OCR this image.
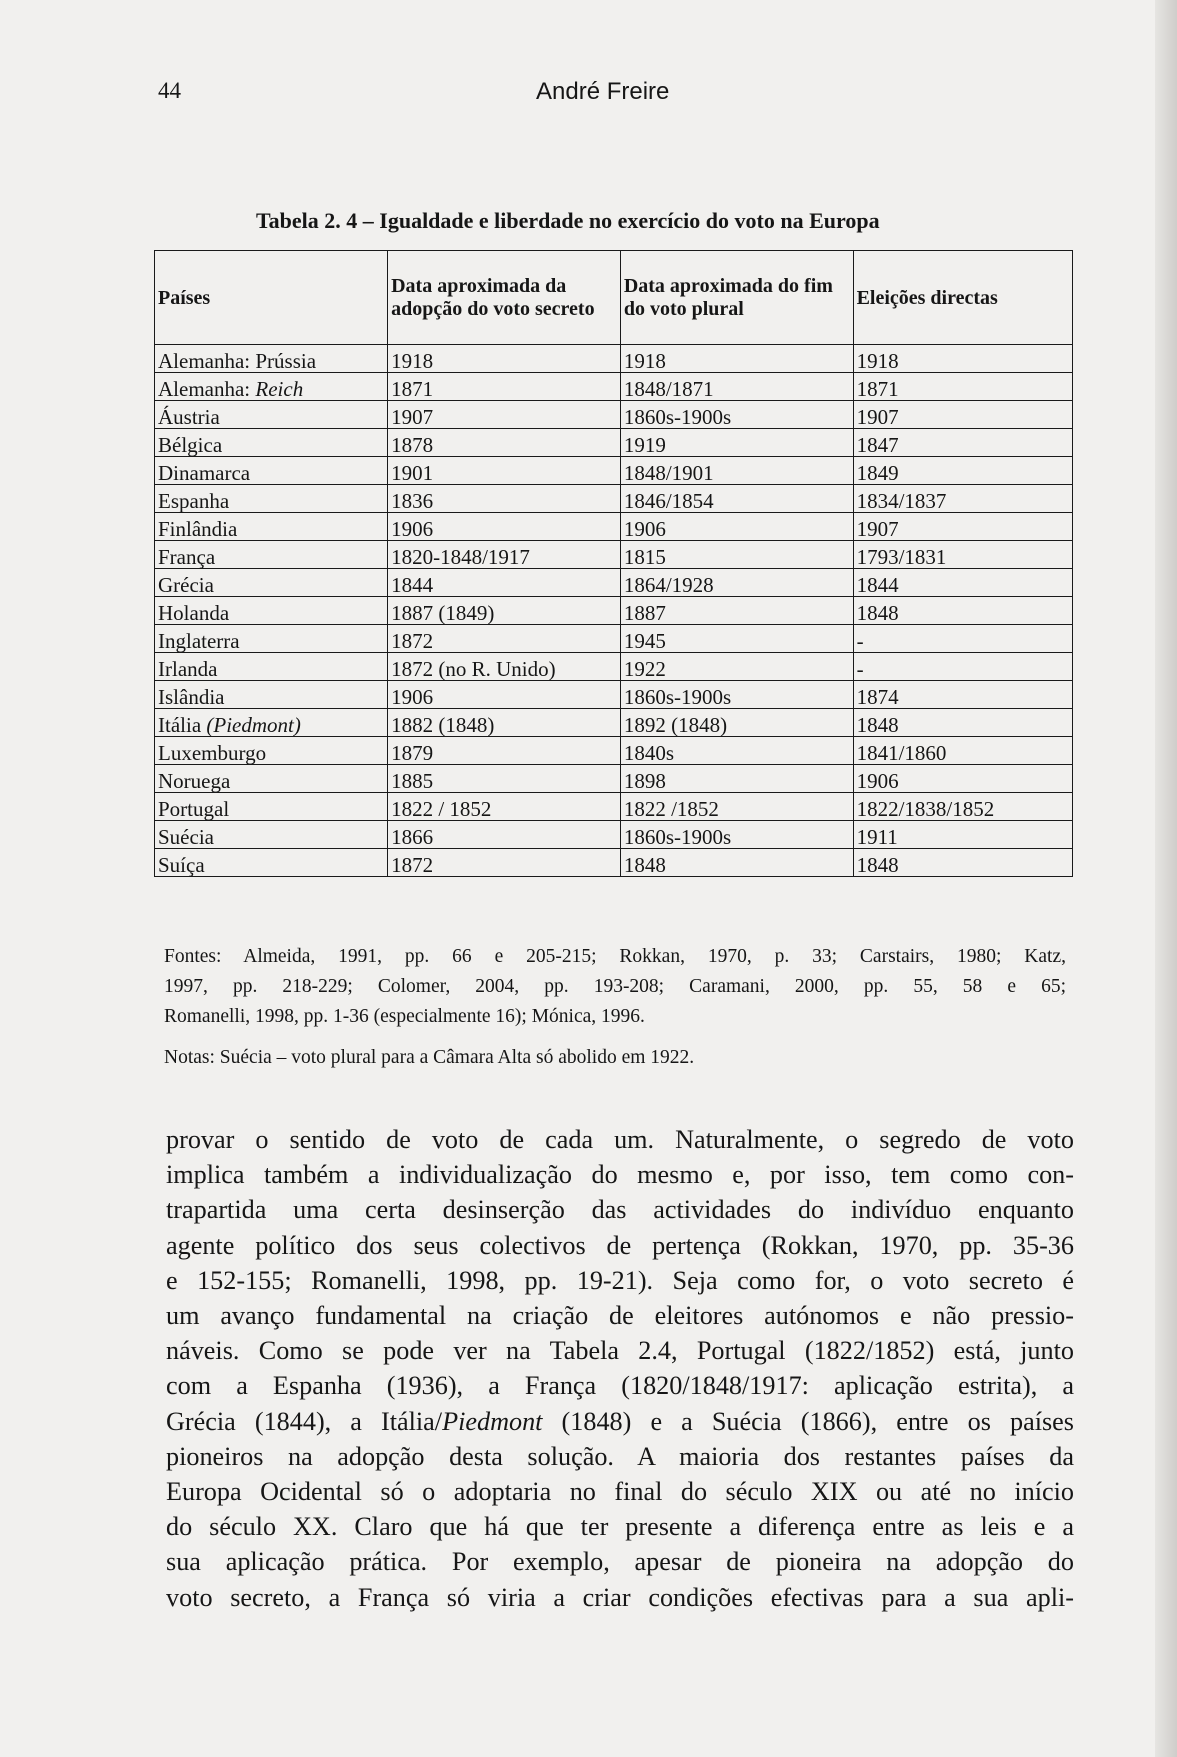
44	André Freire
Tabela 2. 4 – Igualdade e liberdade no exercício do voto na Europa
Países	Data aproximada da adopção do voto secreto	Data aproximada do fim do voto plural	Eleições directas
Alemanha: Prússia	1918	1918	1918
Alemanha: Reich	1871	1848/1871	1871
Áustria	1907	1860s-1900s	1907
Bélgica	1878	1919	1847
Dinamarca	1901	1848/1901	1849
Espanha	1836	1846/1854	1834/1837
Finlândia	1906	1906	1907
França	1820-1848/1917	1815	1793/1831
Grécia	1844	1864/1928	1844
Holanda	1887 (1849)	1887	1848
Inglaterra	1872	1945	-
Irlanda	1872 (no R. Unido)	1922	-
Islândia	1906	1860s-1900s	1874
Itália (Piedmont)	1882 (1848)	1892 (1848)	1848
Luxemburgo	1879	1840s	1841/1860
Noruega	1885	1898	1906
Portugal	1822 / 1852	1822 /1852	1822/1838/1852
Suécia	1866	1860s-1900s	1911
Suíça	1872	1848	1848
Fontes: Almeida, 1991, pp. 66 e 205-215; Rokkan, 1970, p. 33; Carstairs, 1980; Katz,
1997, pp. 218-229; Colomer, 2004, pp. 193-208; Caramani, 2000, pp. 55, 58 e 65;
Romanelli, 1998, pp. 1-36 (especialmente 16); Mónica, 1996.
Notas: Suécia – voto plural para a Câmara Alta só abolido em 1922.
provar o sentido de voto de cada um. Naturalmente, o segredo de voto
implica também a individualização do mesmo e, por isso, tem como con-
trapartida uma certa desinserção das actividades do indivíduo enquanto
agente político dos seus colectivos de pertença (Rokkan, 1970, pp. 35-36
e 152-155; Romanelli, 1998, pp. 19-21). Seja como for, o voto secreto é
um avanço fundamental na criação de eleitores autónomos e não pressio-
náveis. Como se pode ver na Tabela 2.4, Portugal (1822/1852) está, junto
com a Espanha (1936), a França (1820/1848/1917: aplicação estrita), a
Grécia (1844), a Itália/Piedmont (1848) e a Suécia (1866), entre os países
pioneiros na adopção desta solução. A maioria dos restantes países da
Europa Ocidental só o adoptaria no final do século XIX ou até no início
do século XX. Claro que há que ter presente a diferença entre as leis e a
sua aplicação prática. Por exemplo, apesar de pioneira na adopção do
voto secreto, a França só viria a criar condições efectivas para a sua apli-
